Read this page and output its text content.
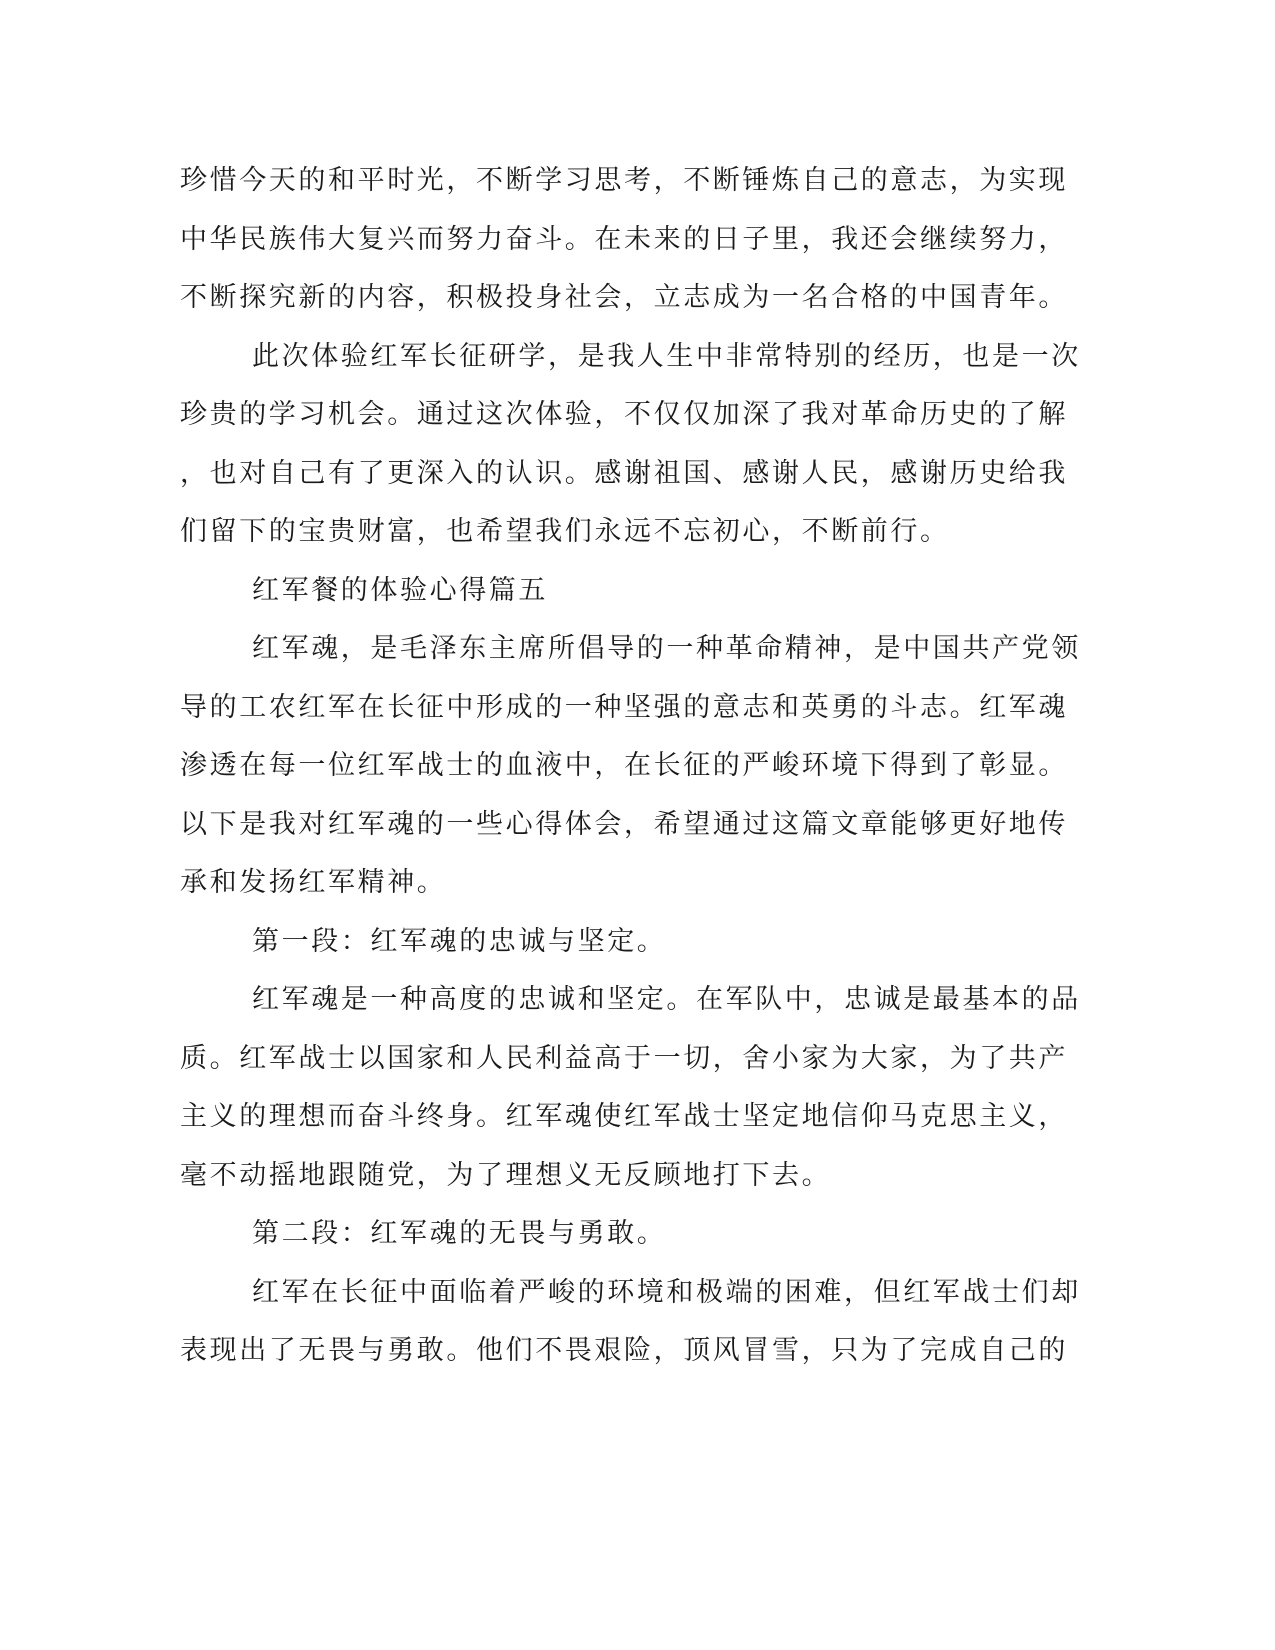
珍惜今天的和平时光，不断学习思考，不断锤炼自己的意志，为实现
中华民族伟大复兴而努力奋斗。在未来的日子里，我还会继续努力，
不断探究新的内容，积极投身社会，立志成为一名合格的中国青年。
此次体验红军长征研学，是我人生中非常特别的经历，也是一次
珍贵的学习机会。通过这次体验，不仅仅加深了我对革命历史的了解
，也对自己有了更深入的认识。感谢祖国、感谢人民，感谢历史给我
们留下的宝贵财富，也希望我们永远不忘初心，不断前行。
红军餐的体验心得篇五
红军魂，是毛泽东主席所倡导的一种革命精神，是中国共产党领
导的工农红军在长征中形成的一种坚强的意志和英勇的斗志。红军魂
渗透在每一位红军战士的血液中，在长征的严峻环境下得到了彰显。
以下是我对红军魂的一些心得体会，希望通过这篇文章能够更好地传
承和发扬红军精神。
第一段：红军魂的忠诚与坚定。
红军魂是一种高度的忠诚和坚定。在军队中，忠诚是最基本的品
质。红军战士以国家和人民利益高于一切，舍小家为大家，为了共产
主义的理想而奋斗终身。红军魂使红军战士坚定地信仰马克思主义，
毫不动摇地跟随党，为了理想义无反顾地打下去。
第二段：红军魂的无畏与勇敢。
红军在长征中面临着严峻的环境和极端的困难，但红军战士们却
表现出了无畏与勇敢。他们不畏艰险，顶风冒雪，只为了完成自己的
